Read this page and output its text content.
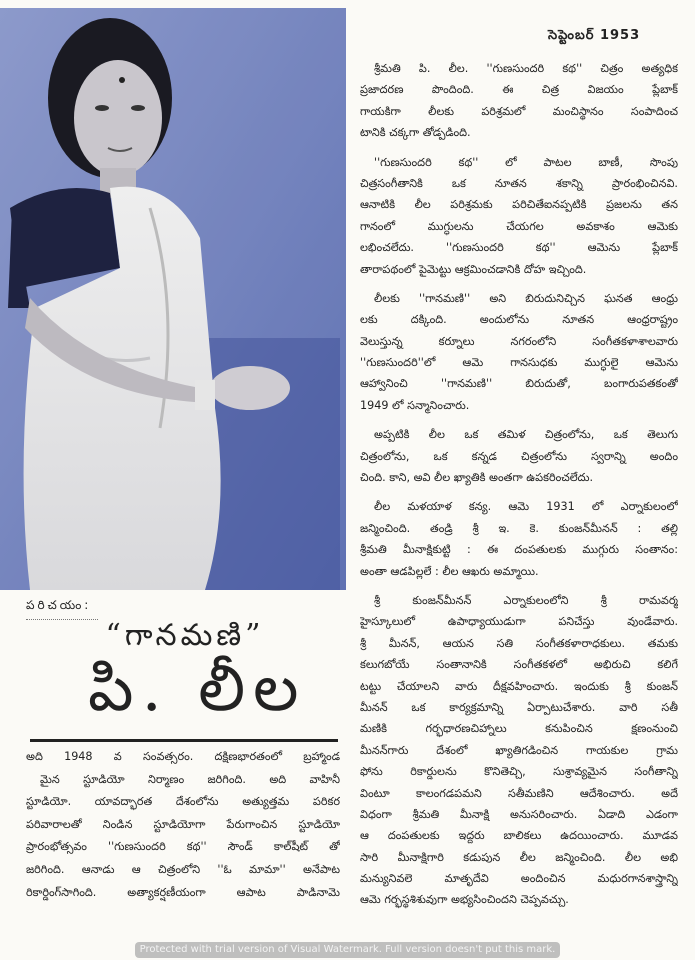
సెప్టెంబర్ 1953
శ్రీమతి పి. లీల. ''గుణసుందరి కథ'' చిత్రం అత్యధిక
ప్రజాదరణ పొందింది. ఈ చిత్ర విజయం ప్లేబాక్
గాయకిగా లీలకు పరిశ్రమలో మంచిస్థానం సంపాదించ
టానికి చక్కగా తోడ్పడింది.
''గుణసుందరి కథ'' లో పాటల బాణీ, సొంపు
చిత్రసంగీతానికి ఒక నూతన శకాన్ని ప్రారంభించినవి.
ఆనాటికి లీల పరిశ్రమకు పరిచితేఐనప్పటికి ప్రజలను తన
గానంలో ముగ్ధులను చేయగల అవకాశం ఆమెకు
లభించలేదు. ''గుణసుందరి కథ'' ఆమెను ప్లేబాక్
తారాపథంలో పైమెట్టు ఆక్రమించడానికి దోహ ఇచ్చింది.
లీలకు ''గానమణి'' అని బిరుదునిచ్చిన ఘనత ఆంధ్రు
లకు దక్కింది. అందులోను నూతన ఆంధ్రరాష్ట్రం
వెలుస్తున్న కర్నూలు నగరంలోని సంగీతకళాశాలవారు
''గుణసుందరి''లో ఆమె గానసుధకు ముగ్ధులై ఆమెను
ఆహ్వానించి ''గానమణి'' బిరుదుతో, బంగారుపతకంతో
1949 లో సన్మానించారు.
అప్పటికి లీల ఒక తమిళ చిత్రంలోను, ఒక తెలుగు
చిత్రంలోను, ఒక కన్నడ చిత్రంలోను స్వరాన్ని అందిం
చింది. కాని, అవి లీల ఖ్యాతికి అంతగా ఉపకరించలేదు.
లీల మళయాళ కన్య. ఆమె 1931 లో ఎర్నాకులంలో
జన్మించింది. తండ్రి శ్రీ ఇ. కె. కుంజన్‌మీనన్ : తల్లి
శ్రీమతి మీనాక్షికుట్టి : ఈ దంపతులకు ముగ్గురు సంతానం:
అంతా ఆడపిల్లలే : లీల ఆఖరు అమ్మాయి.
శ్రీ కుంజన్‌మీనన్ ఎర్నాకులంలోని శ్రీ రామవర్మ
హైస్కూలులో ఉపాధ్యాయుడుగా పనిచేస్తు వుండేవారు.
శ్రీ మీనన్, ఆయన సతి సంగీతకళారాధకులు. తమకు
కలుగబోయే సంతానానికి సంగీతకళలో అభిరుచి కలిగే
టట్టు చేయాలని వారు దీక్షవహించారు. ఇందుకు శ్రీ కుంజన్
మీనన్ ఒక కార్యక్రమాన్ని ఏర్పాటుచేశారు. వారి సతీ
మణికి గర్భధారణచిహ్నాలు కనుపించిన క్షణంనుంచి
మీనన్‌గారు దేశంలో ఖ్యాతిగడించిన గాయకుల గ్రామ
ఫోను రికార్డులను కొనితెచ్చి, సుశ్రావ్యమైన సంగీతాన్ని
వింటూ కాలంగడపమని సతీమణిని ఆదేశించారు. అదే
విధంగా శ్రీమతి మీనాక్షి అనుసరించారు. ఏడాది ఎడంగా
ఆ దంపతులకు ఇద్దరు బాలికలు ఉదయించారు. మూడవ
సారి మీనాక్షిగారి కడుపున లీల జన్మించింది. లీల అభి
మన్యునివలె మాతృదేవి అందించిన మధురగానశాస్త్రాన్ని
ఆమె గర్భస్థశిశువుగా అభ్యసించిందని చెప్పవచ్చు.
పరిచయం:
“గానమణి”
పి. లీల
అది 1948 వ సంవత్సరం. దక్షిణభారతంలో బ్రహ్మాండ
మైన స్టూడియో నిర్మాణం జరిగింది. అది వాహినీ
స్టూడియో. యావద్భారత దేశంలోను అత్యుత్తమ పరికర
పరివారాలతో నిండిన స్టూడియోగా పేరుగాంచిన స్టూడియో
ప్రారంభోత్సవం ''గుణసుందరి కథ'' సౌండ్ కాల్‌షీట్ తో
జరిగింది. ఆనాడు ఆ చిత్రంలోని ''ఓ మామా'' అనేపాట
రికార్డింగ్‌సాగింది. అత్యాకర్షణీయంగా ఆపాట పాడినామె
Protected with trial version of Visual Watermark. Full version doesn't put this mark.
